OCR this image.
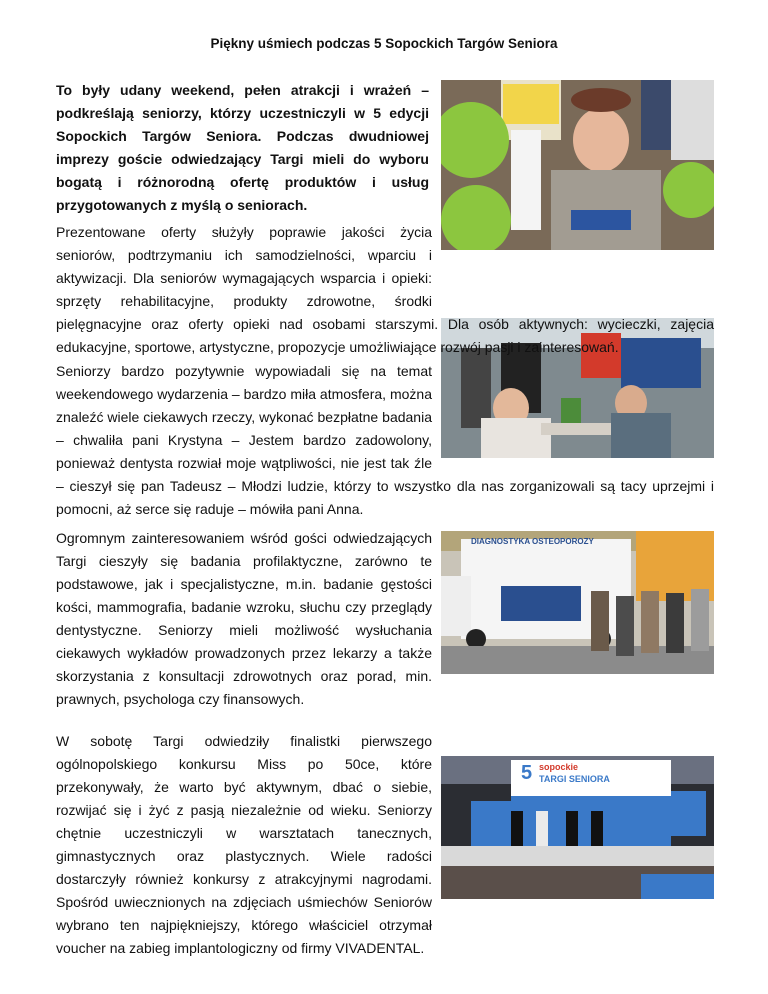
Piękny uśmiech podczas 5 Sopockich Targów Seniora
DIAGNOSTYKA OSTEOPOROZY
5 sopockie
TARGI SENIORA

To były udany weekend, pełen atrakcji i wrażeń – podkreślają seniorzy, którzy uczestniczyli w 5 edycji Sopockich Targów Seniora. Podczas dwudniowej imprezy goście odwiedzający Targi mieli do wyboru bogatą i różnorodną ofertę produktów i usług przygotowanych z myślą o seniorach.

Prezentowane oferty służyły poprawie jakości życia seniorów, podtrzymaniu ich samodzielności, wparciu i aktywizacji. Dla seniorów wymagających wsparcia i opieki: sprzęty rehabilitacyjne, produkty zdrowotne, środki pielęgnacyjne oraz oferty opieki nad osobami starszymi. Dla osób aktywnych: wycieczki, zajęcia edukacyjne, sportowe, artystyczne, propozycje umożliwiające rozwój pasji i zainteresowań.

Seniorzy bardzo pozytywnie wypowiadali się na temat weekendowego wydarzenia – bardzo miła atmosfera, można znaleźć wiele ciekawych rzeczy, wykonać bezpłatne badania – chwaliła pani Krystyna – Jestem bardzo zadowolony, ponieważ dentysta rozwiał moje wątpliwości, nie jest tak źle – cieszył się pan Tadeusz – Młodzi ludzie, którzy to wszystko dla nas zorganizowali są tacy uprzejmi i pomocni, aż serce się raduje – mówiła pani Anna.

Ogromnym zainteresowaniem wśród gości odwiedzających Targi cieszyły się badania profilaktyczne, zarówno te podstawowe, jak i specjalistyczne, m.in. badanie gęstości kości, mammografia, badanie wzroku, słuchu czy przeglądy dentystyczne. Seniorzy mieli możliwość wysłuchania ciekawych wykładów prowadzonych przez lekarzy a także skorzystania z konsultacji zdrowotnych oraz porad, min. prawnych, psychologa czy finansowych.

W sobotę Targi odwiedziły finalistki pierwszego ogólnopolskiego konkursu Miss po 50ce, które przekonywały, że warto być aktywnym, dbać o siebie, rozwijać się i żyć z pasją niezależnie od wieku. Seniorzy chętnie uczestniczyli w warsztatach tanecznych, gimnastycznych oraz plastycznych. Wiele radości dostarczyły również konkursy z atrakcyjnymi nagrodami. Spośród uwiecznionych na zdjęciach uśmiechów Seniorów wybrano ten najpiękniejszy, którego właściciel otrzymał voucher na zabieg implantologiczny od firmy VIVADENTAL.
